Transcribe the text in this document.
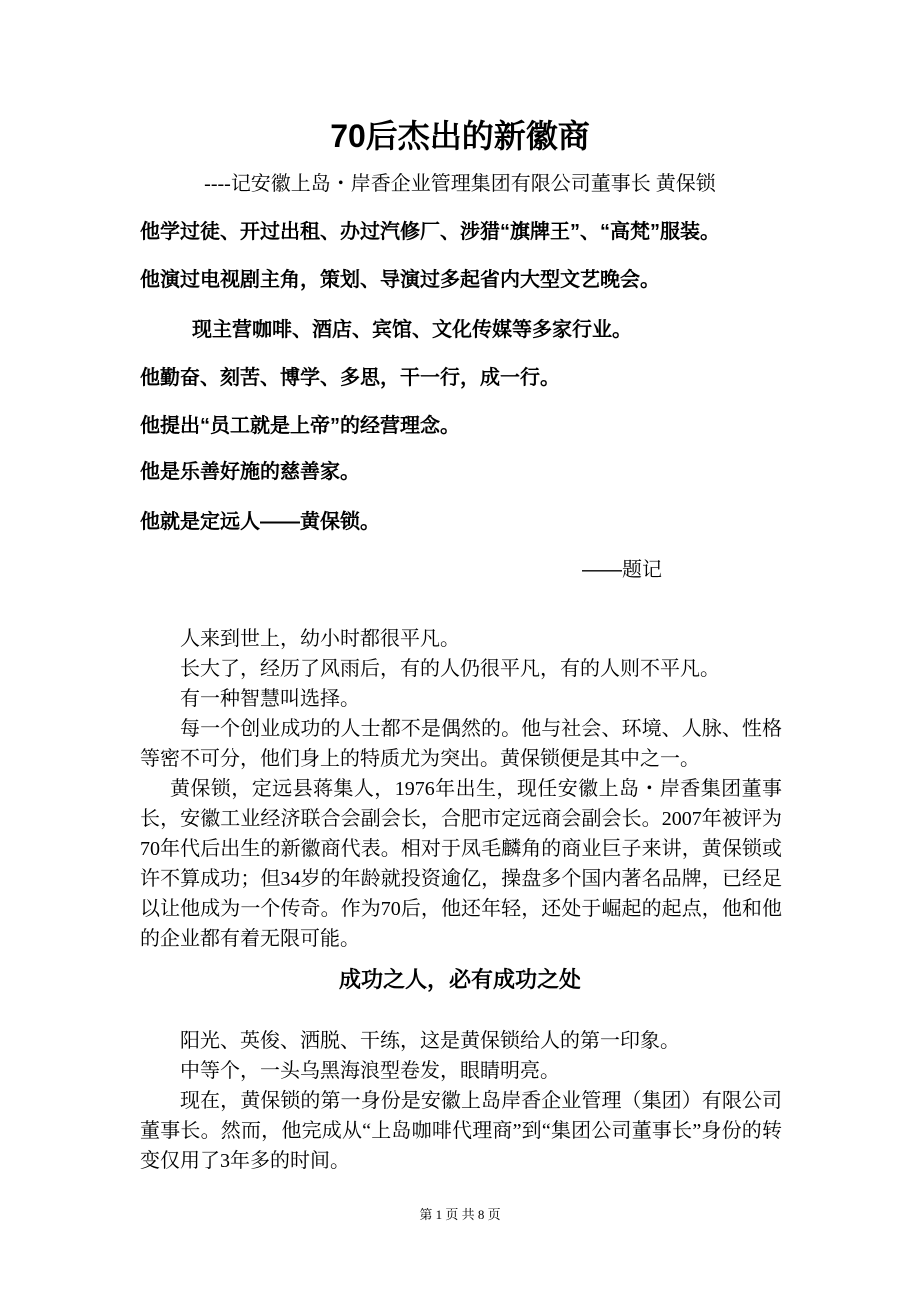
70后杰出的新徽商
----记安徽上岛・岸香企业管理集团有限公司董事长 黄保锁
他学过徒、开过出租、办过汽修厂、涉猎“旗牌王”、“高梵”服装。
他演过电视剧主角，策划、导演过多起省内大型文艺晚会。
现主营咖啡、酒店、宾馆、文化传媒等多家行业。
他勤奋、刻苦、博学、多思，干一行，成一行。
他提出“员工就是上帝”的经营理念。
他是乐善好施的慈善家。
他就是定远人——黄保锁。
——题记

人来到世上，幼小时都很平凡。

长大了，经历了风雨后，有的人仍很平凡，有的人则不平凡。

有一种智慧叫选择。

每一个创业成功的人士都不是偶然的。他与社会、环境、人脉、性格等密不可分，他们身上的特质尤为突出。黄保锁便是其中之一。

黄保锁，定远县蒋集人，1976年出生，现任安徽上岛・岸香集团董事长，安徽工业经济联合会副会长，合肥市定远商会副会长。2007年被评为70年代后出生的新徽商代表。相对于凤毛麟角的商业巨子来讲，黄保锁或许不算成功；但34岁的年龄就投资逾亿，操盘多个国内著名品牌，已经足以让他成为一个传奇。作为70后，他还年轻，还处于崛起的起点，他和他的企业都有着无限可能。

成功之人，必有成功之处

阳光、英俊、洒脱、干练，这是黄保锁给人的第一印象。

中等个，一头乌黑海浪型卷发，眼睛明亮。

现在，黄保锁的第一身份是安徽上岛岸香企业管理（集团）有限公司董事长。然而，他完成从“上岛咖啡代理商”到“集团公司董事长”身份的转变仅用了3年多的时间。

第 1 页 共 8 页
